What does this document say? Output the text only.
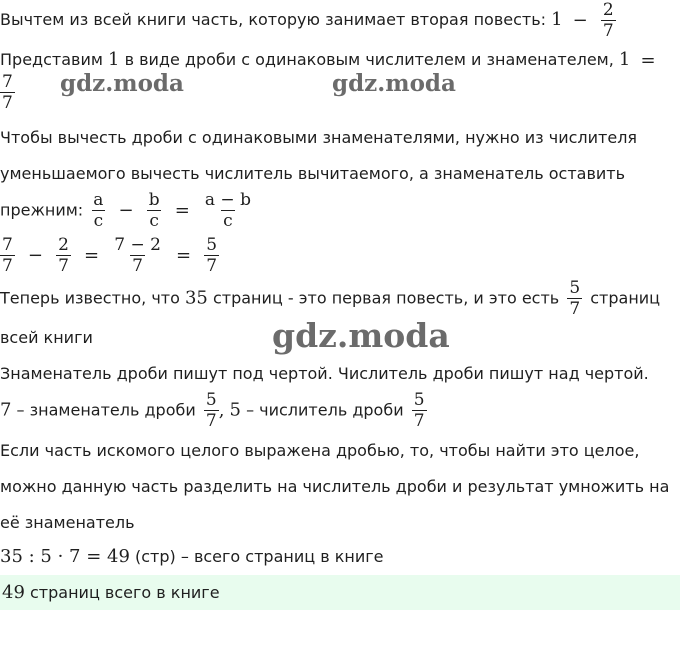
gdz.moda	gdz.moda
gdz.moda
Вычтем из всей книги часть, которую занимает вторая повесть: $1 - \frac{2}{7}$
Представим 1 в виде дроби с одинаковым числителем и знаменателем, 1 =
$\frac{7}{7}$
Чтобы вычесть дроби с одинаковыми знаменателями, нужно из числителя
уменьшаемого вычесть числитель вычитаемого, а знаменатель оставить
прежним: $\frac{a}{c} - \frac{b}{c} = \frac{a - b}{c}$
$\frac{7}{7} - \frac{2}{7} = \frac{7 - 2}{7} = \frac{5}{7}$
Теперь известно, что 35 страниц - это первая повесть, и это есть $\frac{5}{7}$ страниц
всей книги
Знаменатель дроби пишут под чертой. Числитель дроби пишут над чертой.
7 – знаменатель дроби $\frac{5}{7}$ , 5 – числитель дроби $\frac{5}{7}$
Если часть искомого целого выражена дробью, то, чтобы найти это целое,
можно данную часть разделить на числитель дроби и результат умножить на
её знаменатель
35 : 5 · 7 = 49 (стр) – всего страниц в книге
49 страниц всего в книге
